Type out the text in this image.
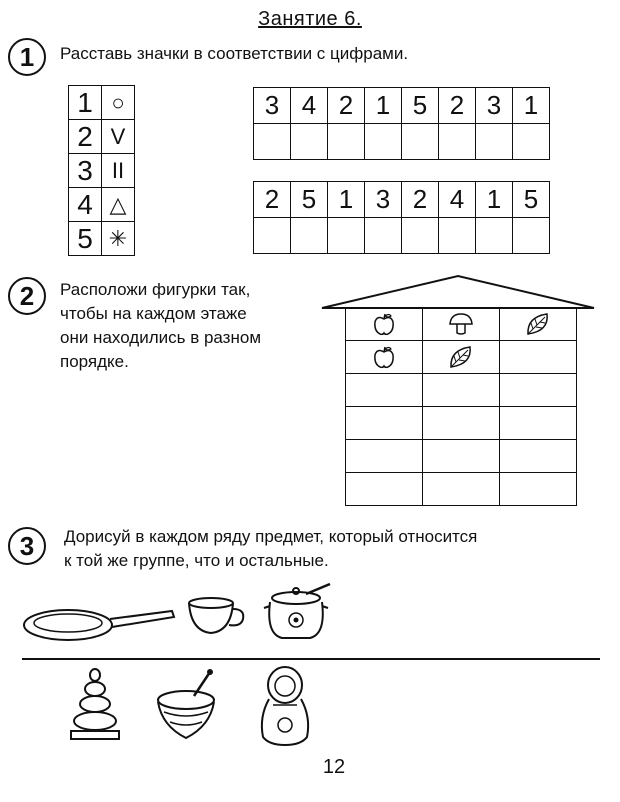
Занятие 6.
1	Расставь значки в соответствии с цифрами.
1	○
2	V
3	II
4	△
5	✳
3	4	2	1	5	2	3	1

2	5	1	3	2	4	1	5

2	Расположи фигурки так,
чтобы на каждом этаже
они находились в разном
порядке.

3	Дорисуй в каждом ряду предмет, который относится
к той же группе, что и остальные.
12
